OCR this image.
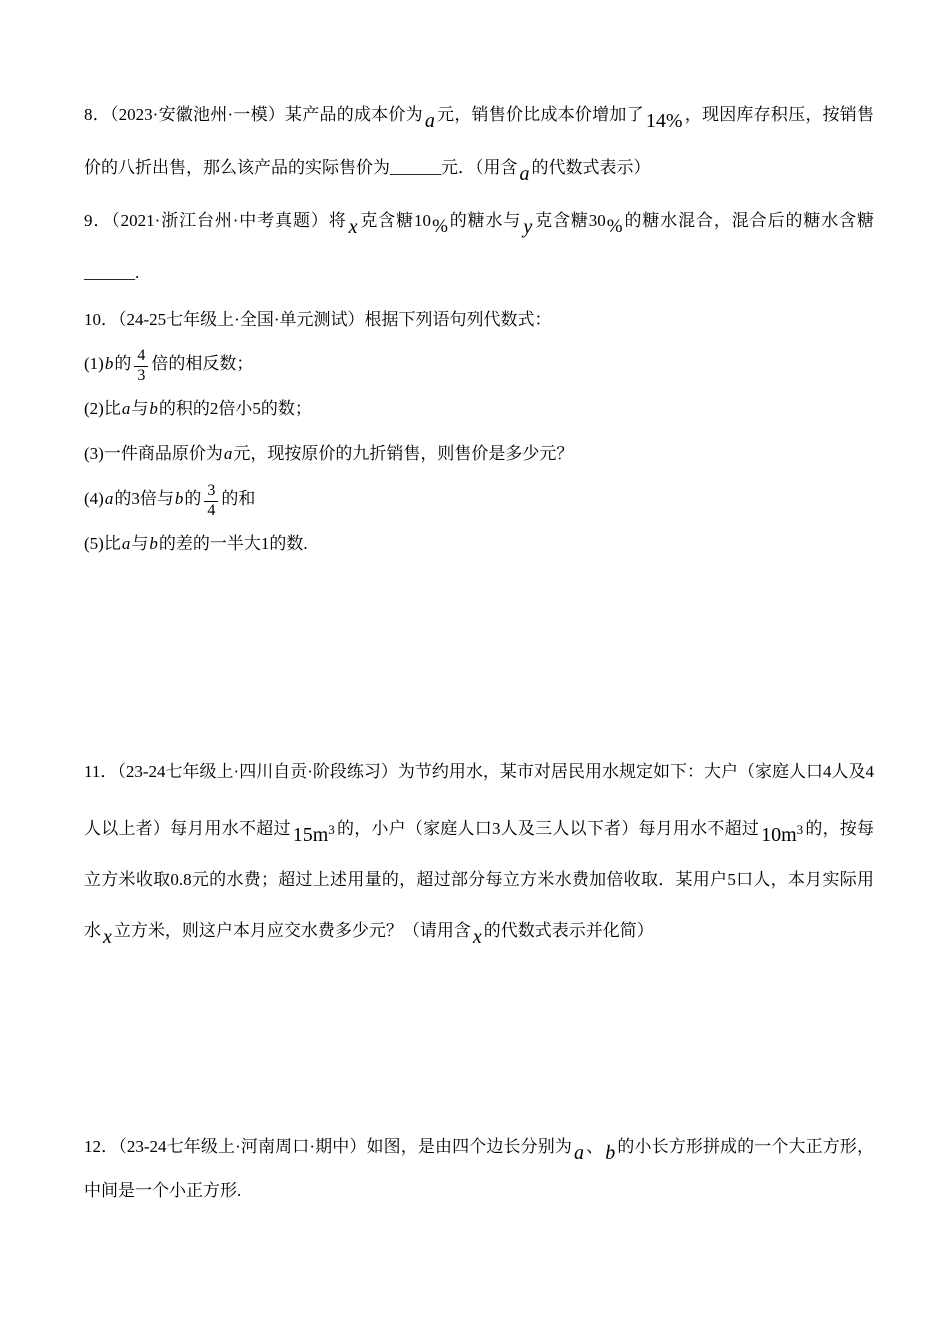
8．（2023·安徽池州·一模）某产品的成本价为 a 元，销售价比成本价增加了 14% ，现因库存积压，按销售价的八折出售，那么该产品的实际售价为______元．（用含 a 的代数式表示）

9．（2021·浙江台州·中考真题）将 x 克含糖10%的糖水与 y 克含糖30%的糖水混合，混合后的糖水含糖______.

10．（24-25七年级上·全国·单元测试）根据下列语句列代数式：

(1)b的 $\frac{4}{3}$ 倍的相反数；

(2)比a与b的积的2倍小5的数；

(3)一件商品原价为a元，现按原价的九折销售，则售价是多少元？

(4)a的3倍与b的 $\frac{3}{4}$ 的和

(5)比a与b的差的一半大1的数.

11．（23-24七年级上·四川自贡·阶段练习）为节约用水，某市对居民用水规定如下：大户（家庭人口4人及4人以上者）每月用水不超过 $15m^3$ 的，小户（家庭人口3人及三人以下者）每月用水不超过 $10m^3$ 的，按每立方米收取0.8元的水费；超过上述用量的，超过部分每立方米水费加倍收取．某用户5口人，本月实际用水 x 立方米，则这户本月应交水费多少元？（请用含 x 的代数式表示并化简）

12．（23-24七年级上·河南周口·期中）如图，是由四个边长分别为 a 、 b 的小长方形拼成的一个大正方形，中间是一个小正方形.
